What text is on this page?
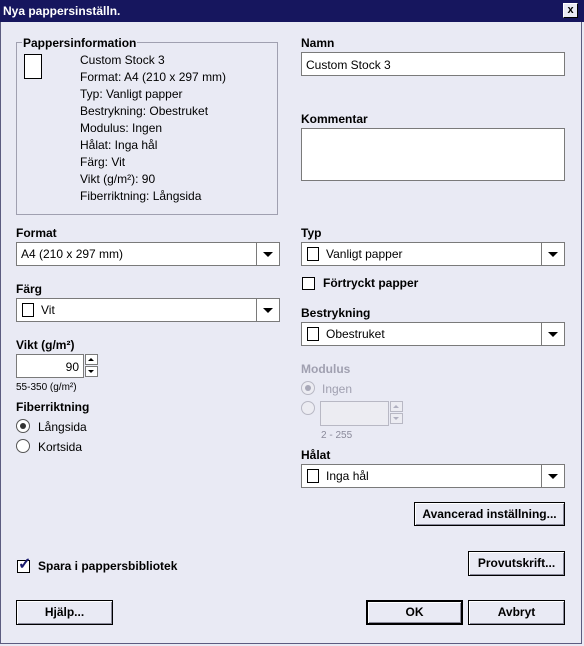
Nya pappersinställn.	x
Pappersinformation
Custom Stock 3
Format: A4 (210 x 297 mm)
Typ: Vanligt papper
Bestrykning: Obestruket
Modulus: Ingen
Hålat: Inga hål
Färg: Vit
Vikt (g/m²): 90
Fiberriktning: Långsida
Namn
Custom Stock 3
Kommentar
Format
A4 (210 x 297 mm)
Typ
Vanligt papper
Förtryckt papper
Färg
Vit	Bestrykning
Obestruket
Vikt (g/m²)
90
55-350 (g/m²)
Modulus
Ingen
2 - 255
Fiberriktning
Långsida
Kortsida
Hålat
Inga hål
Avancerad inställning...
✓ Spara i pappersbibliotek	Provutskrift...
Hjälp...	OK	Avbryt
